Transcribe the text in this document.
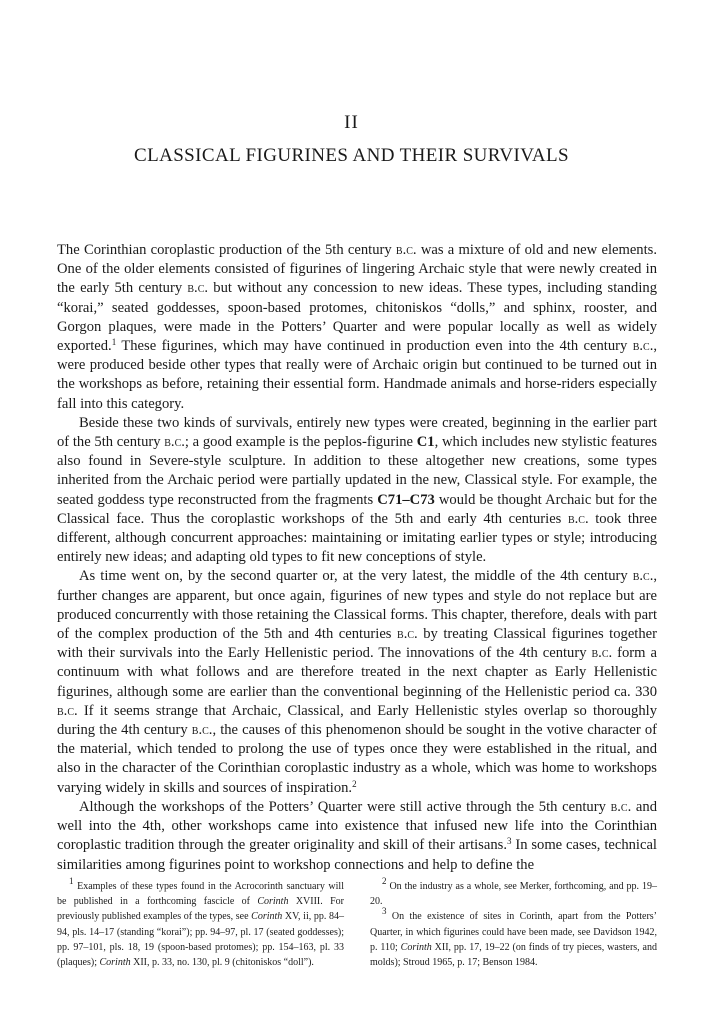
II
CLASSICAL FIGURINES AND THEIR SURVIVALS

The Corinthian coroplastic production of the 5th century b.c. was a mixture of old and new elements. One of the older elements consisted of figurines of lingering Archaic style that were newly created in the early 5th century b.c. but without any concession to new ideas. These types, including standing “korai,” seated goddesses, spoon-based protomes, chitoniskos “dolls,” and sphinx, rooster, and Gorgon plaques, were made in the Potters’ Quarter and were popular locally as well as widely exported.$^1$ These figurines, which may have continued in production even into the 4th century b.c., were produced beside other types that really were of Archaic origin but continued to be turned out in the workshops as before, retaining their essential form. Handmade animals and horse-riders especially fall into this category.

Beside these two kinds of survivals, entirely new types were created, beginning in the earlier part of the 5th century b.c.; a good example is the peplos-figurine C1, which includes new stylistic features also found in Severe-style sculpture. In addition to these altogether new creations, some types inherited from the Archaic period were partially updated in the new, Classical style. For example, the seated goddess type reconstructed from the fragments C71–C73 would be thought Archaic but for the Classical face. Thus the coroplastic workshops of the 5th and early 4th centuries b.c. took three different, although concurrent approaches: maintaining or imitating earlier types or style; introducing entirely new ideas; and adapting old types to fit new conceptions of style.

As time went on, by the second quarter or, at the very latest, the middle of the 4th century b.c., further changes are apparent, but once again, figurines of new types and style do not replace but are produced concurrently with those retaining the Classical forms. This chapter, therefore, deals with part of the complex production of the 5th and 4th centuries b.c. by treating Classical figurines together with their survivals into the Early Hellenistic period. The innovations of the 4th century b.c. form a continuum with what follows and are therefore treated in the next chapter as Early Hellenistic figurines, although some are earlier than the conventional beginning of the Hellenistic period ca. 330 b.c. If it seems strange that Archaic, Classical, and Early Hellenistic styles overlap so thoroughly during the 4th century b.c., the causes of this phenomenon should be sought in the votive character of the material, which tended to prolong the use of types once they were established in the ritual, and also in the character of the Corinthian coroplastic industry as a whole, which was home to workshops varying widely in skills and sources of inspiration.$^2$

Although the workshops of the Potters’ Quarter were still active through the 5th century b.c. and well into the 4th, other workshops came into existence that infused new life into the Corinthian coroplastic tradition through the greater originality and skill of their artisans.$^3$ In some cases, technical similarities among figurines point to workshop connections and help to define the

$^1$ Examples of these types found in the Acrocorinth sanctuary will be published in a forthcoming fascicle of Corinth XVIII. For previously published examples of the types, see Corinth XV, ii, pp. 84–94, pls. 14–17 (standing “korai”); pp. 94–97, pl. 17 (seated goddesses); pp. 97–101, pls. 18, 19 (spoon-based protomes); pp. 154–163, pl. 33 (plaques); Corinth XII, p. 33, no. 130, pl. 9 (chitoniskos “doll”).

$^2$ On the industry as a whole, see Merker, forthcoming, and pp. 19–20.

$^3$ On the existence of sites in Corinth, apart from the Potters’ Quarter, in which figurines could have been made, see Davidson 1942, p. 110; Corinth XII, pp. 17, 19–22 (on finds of try pieces, wasters, and molds); Stroud 1965, p. 17; Benson 1984.
